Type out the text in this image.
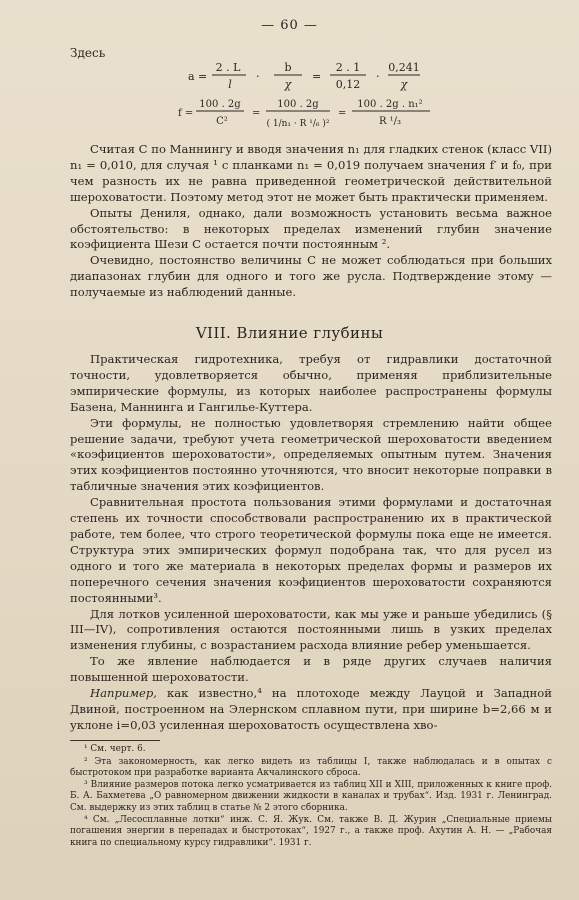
— 60 —
Здесь
a =
2 . L
l
·
b
χ
=
2 . 1
0,12
·
0,241
χ
f =
100 . 2g
C²
=
100 . 2g
( 1/n₁ · R ¹/₆ )²
=
100 . 2g . n₁²
R ¹/₃

Считая C по Маннингу и вводя значения n₁ для гладких стенок (класс VII) n₁ = 0,010, для случая ¹ с планками n₁ = 0,019 получаем значения f′ и f₀, при чем разность их не равна приведенной геометрической действительной шероховатости. Поэтому метод этот не может быть практически применяем.

Опыты Дениля, однако, дали возможность установить весьма важное обстоятельство: в некоторых пределах изменений глубин значение коэфициента Шези C остается почти постоянным ².

Очевидно, постоянство величины C не может соблюдаться при больших диапазонах глубин для одного и того же русла. Подтверждение этому — получаемые из наблюдений данные.

VIII. Влияние глубины

Практическая гидротехника, требуя от гидравлики достаточной точности, удовлетворяется обычно, применяя приблизительные эмпирические формулы, из которых наиболее распространены формулы Базена, Маннинга и Гангилье-Куттера.

Эти формулы, не полностью удовлетворяя стремлению найти общее решение задачи, требуют учета геометрической шероховатости введением «коэфициентов шероховатости», определяемых опытным путем. Значения этих коэфициентов постоянно уточняются, что вносит некоторые поправки в табличные значения этих коэфициентов.

Сравнительная простота пользования этими формулами и достаточная степень их точности способствовали распространению их в практической работе, тем более, что строго теоретической формулы пока еще не имеется. Структура этих эмпирических формул подобрана так, что для русел из одного и того же материала в некоторых пределах формы и размеров их поперечного сечения значения коэфициентов шероховатости сохраняются постоянными³.

Для лотков усиленной шероховатости, как мы уже и раньше убедились (§ III—IV), сопротивления остаются постоянными лишь в узких пределах изменения глубины, с возрастанием расхода влияние ребер уменьшается.

То же явление наблюдается и в ряде других случаев наличия повышенной шероховатости.

Например, как известно,⁴ на плотоходе между Лауцой и Западной Двиной, построенном на Элернском сплавном пути, при ширине b=2,66 м и уклоне i=0,03 усиленная шероховатость осуществлена хво-

¹ См. черт. 6.

² Эта закономерность, как легко видеть из таблицы I, также наблюдалась и в опытах с быстротоком при разработке варианта Акчалинского сброса.

³ Влияние размеров потока легко усматривается из таблиц XII и XIII, приложенных к книге проф. Б. А. Бахметева „О равномерном движении жидкости в каналах и трубах“. Изд. 1931 г. Ленинград. См. выдержку из этих таблиц в статье № 2 этого сборника.

⁴ См. „Лесосплавные лотки“ инж. С. Я. Жук. См. также В. Д. Журин „Специальные приемы погашения энергии в перепадах и быстротоках“, 1927 г., а также проф. Ахутин А. Н. — „Рабочая книга по специальному курсу гидравлики“. 1931 г.
